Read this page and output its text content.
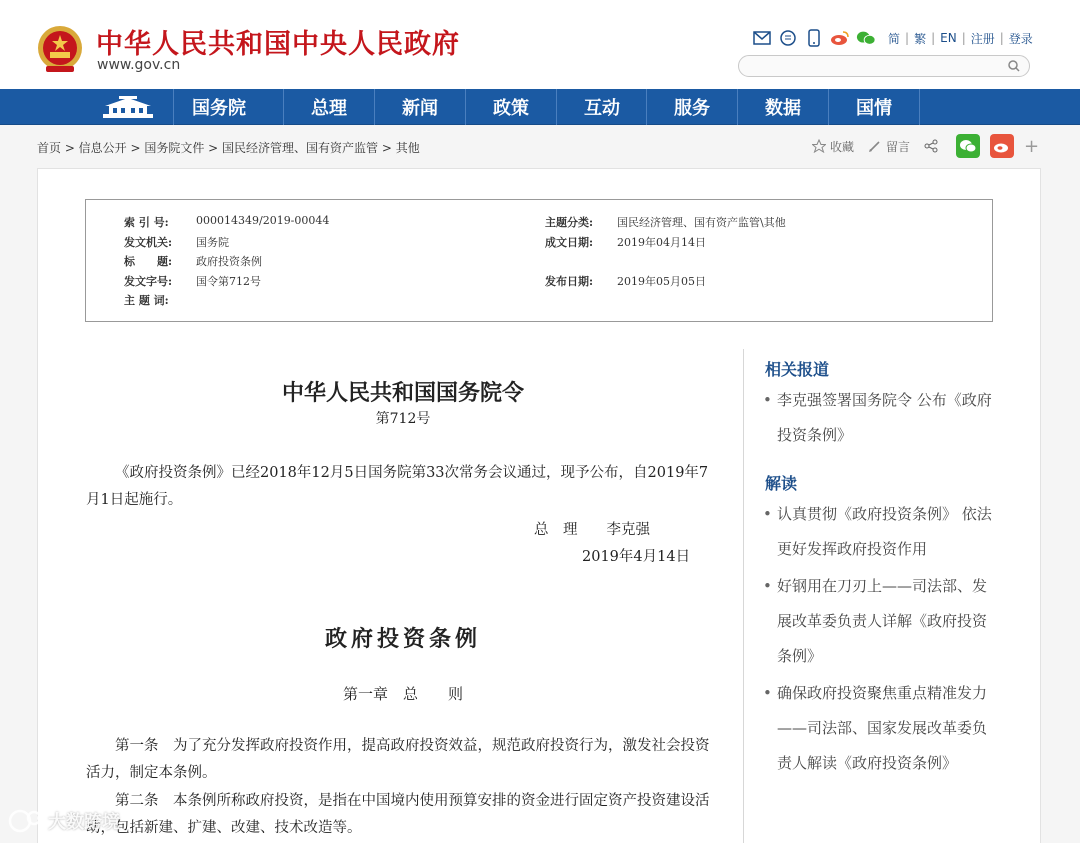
中华人民共和国中央人民政府
www.gov.cn
简 | 繁 | EN | 注册 | 登录
国务院	总理	新闻	政策	互动	服务	数据	国情
首页 > 信息公开 > 国务院文件 > 国民经济管理、国有资产监管 > 其他	收藏	留言	+
索 引 号:	000014349/2019-00044	主题分类:	国民经济管理、国有资产监管\其他
发文机关:	国务院	成文日期:	2019年04月14日
标　　题:	政府投资条例
发文字号:	国令第712号	发布日期:	2019年05月05日
主 题 词:
中华人民共和国国务院令
第712号
《政府投资条例》已经2018年12月5日国务院第33次常务会议通过，现予公布，自2019年7月1日起施行。
总　理　　李克强
2019年4月14日
政府投资条例
第一章　总　　则
第一条　为了充分发挥政府投资作用，提高政府投资效益，规范政府投资行为，激发社会投资活力，制定本条例。
第二条　本条例所称政府投资，是指在中国境内使用预算安排的资金进行固定资产投资建设活动，包括新建、扩建、改建、技术改造等。
相关报道
• 李克强签署国务院令 公布《政府投资条例》
解读
• 认真贯彻《政府投资条例》 依法更好发挥政府投资作用
• 好钢用在刀刃上——司法部、发展改革委负责人详解《政府投资条例》
• 确保政府投资聚焦重点精准发力——司法部、国家发展改革委负责人解读《政府投资条例》
大数跨境
